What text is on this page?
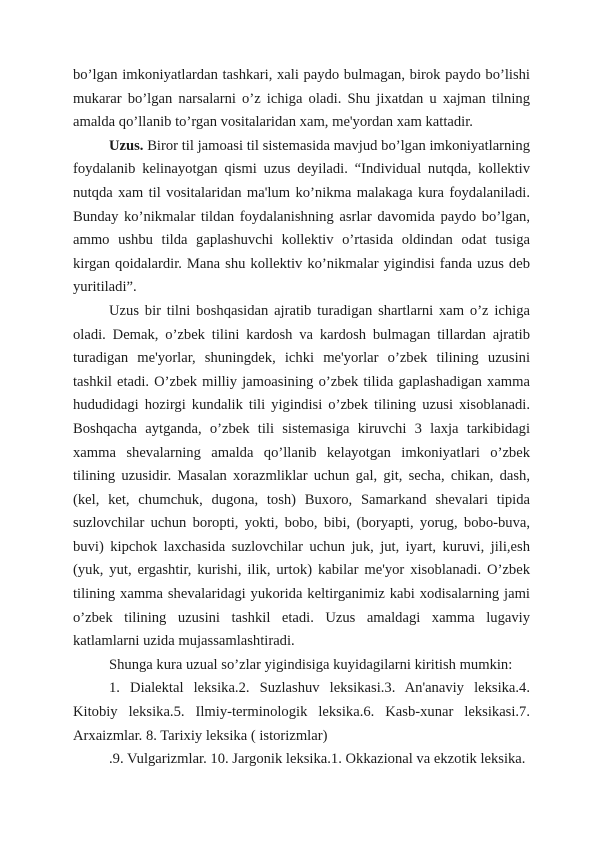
bo’lgan imkoniyatlardan tashkari, xali paydo bulmagan, birok paydo bo’lishi mukarar bo’lgan narsalarni o’z ichiga oladi. Shu jixatdan u xajman tilning amalda qo’llanib to’rgan vositalaridan xam, me'yordan xam kattadir.

Uzus. Biror til jamoasi til sistemasida mavjud bo’lgan imkoniyatlarning foydalanib kelinayotgan qismi uzus deyiladi. “Individual nutqda, kollektiv nutqda xam til vositalaridan ma'lum ko’nikma malakaga kura foydalaniladi. Bunday ko’nikmalar tildan foydalanishning asrlar davomida paydo bo’lgan, ammo ushbu tilda gaplashuvchi kollektiv o’rtasida oldindan odat tusiga kirgan qoidalardir. Mana shu kollektiv ko’nikmalar yigindisi fanda uzus deb yuritiladi”.

Uzus bir tilni boshqasidan ajratib turadigan shartlarni xam o’z ichiga oladi. Demak, o’zbek tilini kardosh va kardosh bulmagan tillardan ajratib turadigan me'yorlar, shuningdek, ichki me'yorlar o’zbek tilining uzusini tashkil etadi. O’zbek milliy jamoasining o’zbek tilida gaplashadigan xamma hududidagi hozirgi kundalik tili yigindisi o’zbek tilining uzusi xisoblanadi. Boshqacha aytganda, o’zbek tili sistemasiga kiruvchi 3 laxja tarkibidagi xamma shevalarning amalda qo’llanib kelayotgan imkoniyatlari o’zbek tilining uzusidir. Masalan xorazmliklar uchun gal, git, secha, chikan, dash, (kel, ket, chumchuk, dugona, tosh) Buxoro, Samarkand shevalari tipida suzlovchilar uchun boropti, yokti, bobo, bibi, (boryapti, yorug, bobo-buva, buvi) kipchok laxchasida suzlovchilar uchun juk, jut, iyart, kuruvi, jili,esh (yuk, yut, ergashtir, kurishi, ilik, urtok) kabilar me'yor xisoblanadi. O’zbek tilining xamma shevalaridagi yukorida keltirganimiz kabi xodisalarning jami o’zbek tilining uzusini tashkil etadi. Uzus amaldagi xamma lugaviy katlamlarni uzida mujassamlashtiradi.

Shunga kura uzual so’zlar yigindisiga kuyidagilarni kiritish mumkin:

1. Dialektal leksika.2. Suzlashuv leksikasi.3. An'anaviy leksika.4. Kitobiy leksika.5. Ilmiy-terminologik leksika.6. Kasb-xunar leksikasi.7. Arxaizmlar. 8. Tarixiy leksika ( istorizmlar)

.9. Vulgarizmlar. 10. Jargonik leksika.1. Okkazional va ekzotik leksika.
